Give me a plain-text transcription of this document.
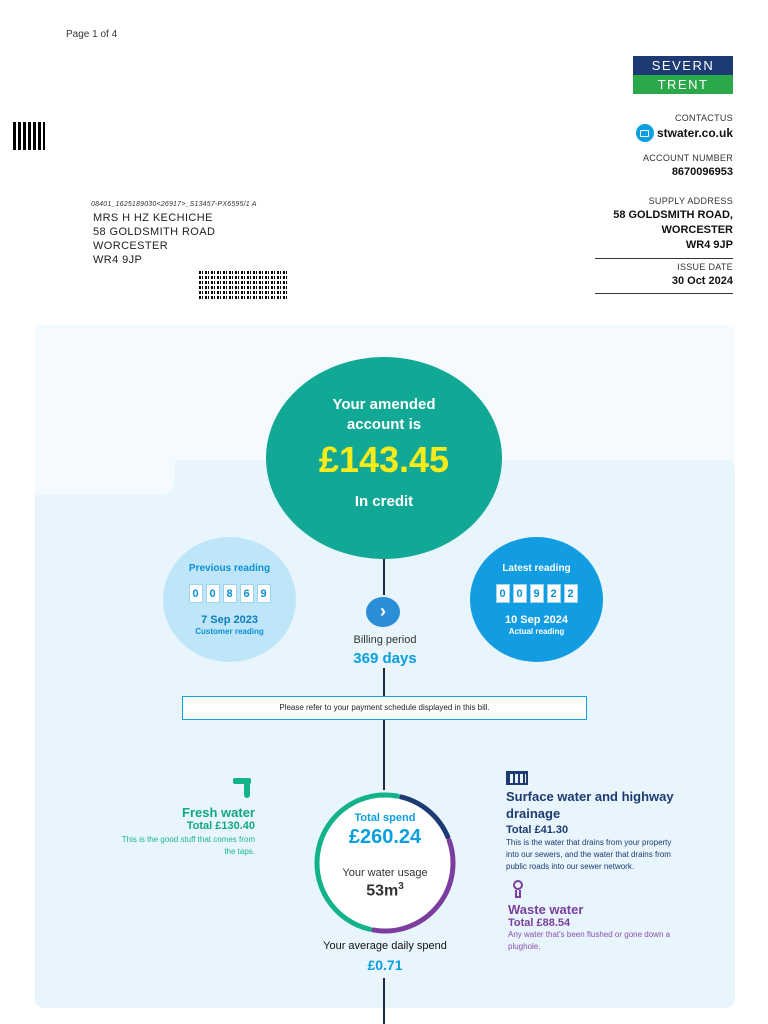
Page 1 of 4
SEVERN
TRENT
08401_1625189030<26917>_S13457-PX6595/1 A
MRS H HZ KECHICHE
58 GOLDSMITH ROAD
WORCESTER
WR4 9JP
CONTACTUS
stwater.co.uk
ACCOUNT NUMBER
8670096953
SUPPLY ADDRESS
58 GOLDSMITH ROAD,
WORCESTER
WR4 9JP
ISSUE DATE
30 Oct 2024
Your amended
account is
£143.45
In credit
Previous reading
0 0 8 6 9
7 Sep 2023
Customer reading
Latest reading
0 0 9 2 2
10 Sep 2024
Actual reading
›
Billing period
369 days
Please refer to your payment schedule displayed in this bill.
Total spend
£260.24
Your water usage
$53m^3$
Your average daily spend
£0.71
Fresh water
Total £130.40
This is the good stuff that comes from
the taps.
Surface water and highway
drainage
Total £41.30
This is the water that drains from your property
into our sewers, and the water that drains from
public roads into our sewer network.
Waste water
Total £88.54
Any water that's been flushed or gone down a
plughole.
